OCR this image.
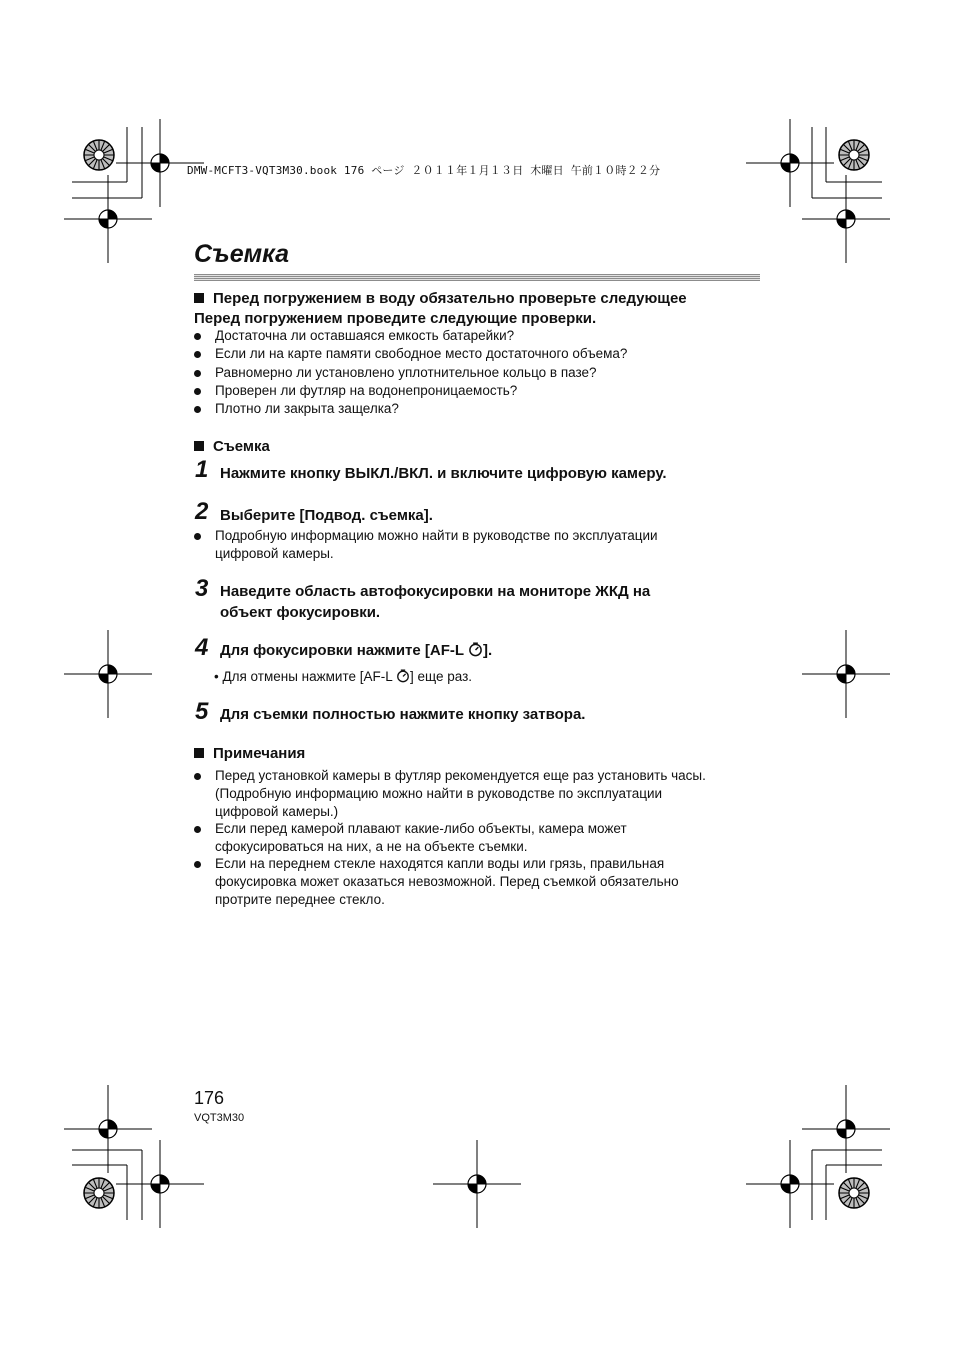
DMW-MCFT3-VQT3M30.book 176 ページ ２０１１年１月１３日 木曜日 午前１０時２２分
Съемка
Перед погружением в воду обязательно проверьте следующее
Перед погружением проведите следующие проверки.
Достаточна ли оставшаяся емкость батарейки?
Если ли на карте памяти свободное место достаточного объема?
Равномерно ли установлено уплотнительное кольцо в пазе?
Проверен ли футляр на водонепроницаемость?
Плотно ли закрыта защелка?
Съемка
1 Нажмите кнопку ВЫКЛ./ВКЛ. и включите цифровую камеру.
2 Выберите [Подвод. съемка].
Подробную информацию можно найти в руководстве по эксплуатации
цифровой камеры.
3 Наведите область автофокусировки на мониторе ЖКД на
объект фокусировки.
4 Для фокусировки нажмите [AF-L ].
• Для отмены нажмите [AF-L ] еще раз.
5 Для съемки полностью нажмите кнопку затвора.
Примечания
Перед установкой камеры в футляр рекомендуется еще раз установить часы.
(Подробную информацию можно найти в руководстве по эксплуатации
цифровой камеры.)
Если перед камерой плавают какие-либо объекты, камера может
сфокусироваться на них, а не на объекте съемки.
Если на переднем стекле находятся капли воды или грязь, правильная
фокусировка может оказаться невозможной. Перед съемкой обязательно
протрите переднее стекло.
176
VQT3M30
